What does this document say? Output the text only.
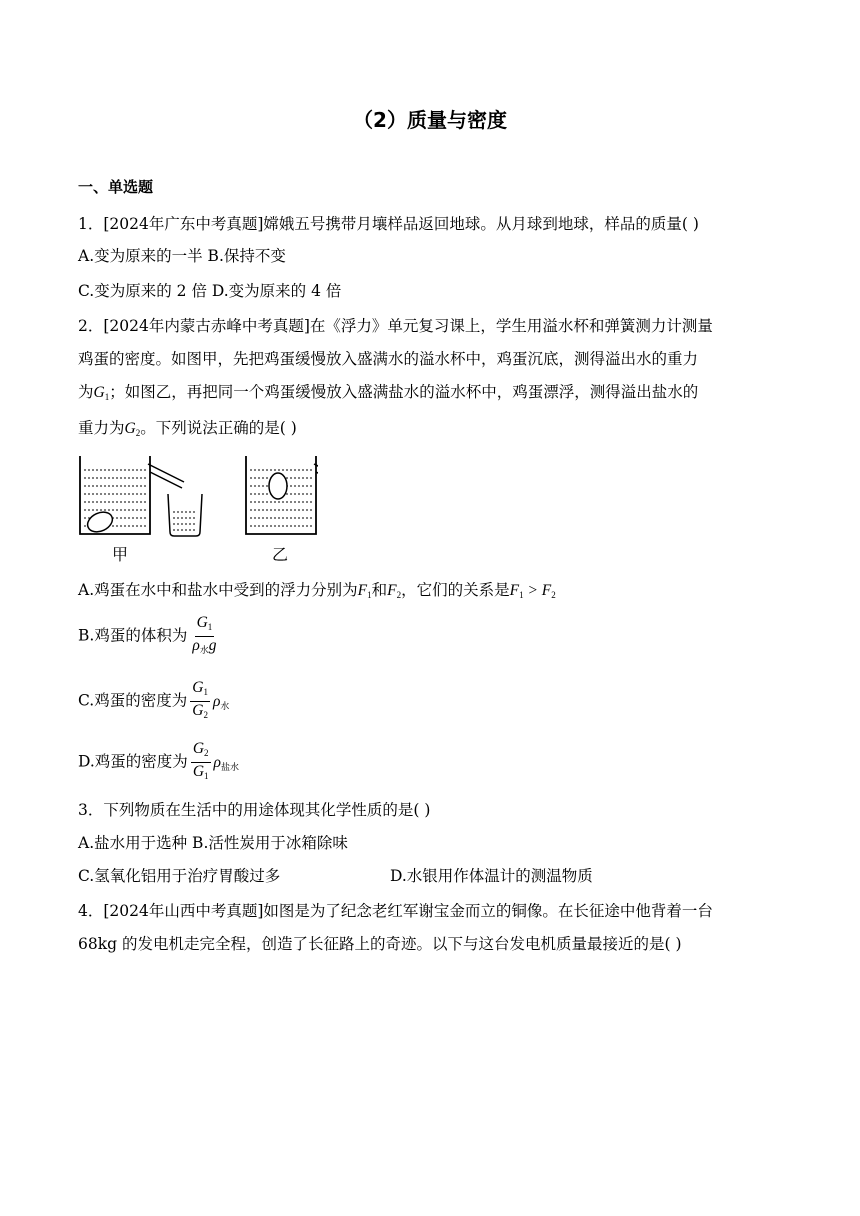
（2）质量与密度
一、单选题
1．[2024年广东中考真题]嫦娥五号携带月壤样品返回地球。从月球到地球，样品的质量( )
A.变为原来的一半 B.保持不变
C.变为原来的 2 倍 D.变为原来的 4 倍
2．[2024年内蒙古赤峰中考真题]在《浮力》单元复习课上，学生用溢水杯和弹簧测力计测量
鸡蛋的密度。如图甲，先把鸡蛋缓慢放入盛满水的溢水杯中，鸡蛋沉底，测得溢出水的重力
为$G_1$；如图乙，再把同一个鸡蛋缓慢放入盛满盐水的溢水杯中，鸡蛋漂浮，测得溢出盐水的
重力为$G_2$。下列说法正确的是( )
甲	乙
A.鸡蛋在水中和盐水中受到的浮力分别为$F_1$和$F_2$，它们的关系是$F_1 > F_2$
B.鸡蛋的体积为 $\frac{G_1}{\rho_水g}$
C.鸡蛋的密度为 $\frac{G_1}{G_2} \rho_水$
D.鸡蛋的密度为 $\frac{G_2}{G_1} \rho_{盐水}$
3．下列物质在生活中的用途体现其化学性质的是( )
A.盐水用于选种 B.活性炭用于冰箱除味
C.氢氧化铝用于治疗胃酸过多	D.水银用作体温计的测温物质
4．[2024年山西中考真题]如图是为了纪念老红军谢宝金而立的铜像。在长征途中他背着一台
68kg 的发电机走完全程，创造了长征路上的奇迹。以下与这台发电机质量最接近的是( )
